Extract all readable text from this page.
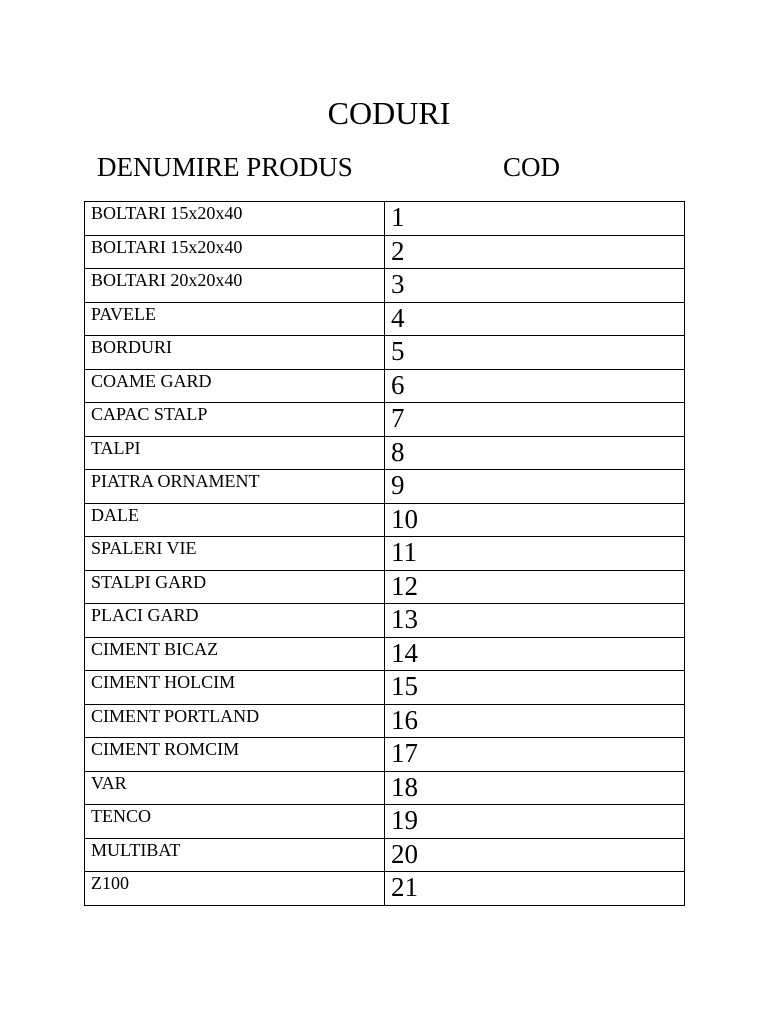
CODURI
DENUMIRE PRODUS	COD
BOLTARI 15x20x40	1
BOLTARI 15x20x40	2
BOLTARI 20x20x40	3
PAVELE	4
BORDURI	5
COAME GARD	6
CAPAC STALP	7
TALPI	8
PIATRA ORNAMENT	9
DALE	10
SPALERI VIE	11
STALPI GARD	12
PLACI GARD	13
CIMENT BICAZ	14
CIMENT HOLCIM	15
CIMENT PORTLAND	16
CIMENT ROMCIM	17
VAR	18
TENCO	19
MULTIBAT	20
Z100	21
